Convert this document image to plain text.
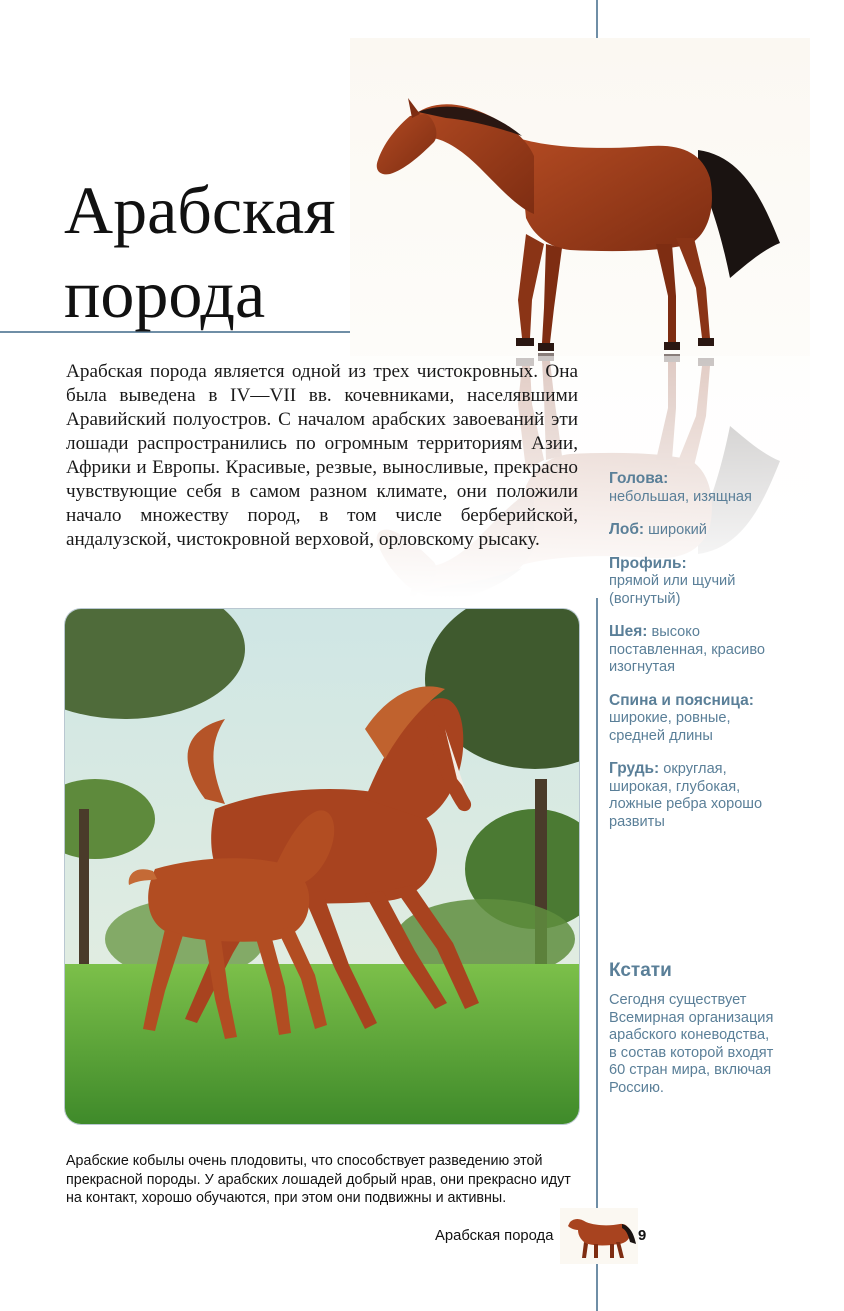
Арабская
порода

Арабская порода является одной из трех чистокровных. Она была выведена в IV—VII вв. кочевниками, населявшими Аравийский полуостров. С началом арабских завоеваний эти лошади распространились по огромным территориям Азии, Африки и Европы. Красивые, резвые, выносливые, прекрасно чувствующие себя в самом разном климате, они положили начало множеству пород, в том числе берберийской, андалузской, чистокровной верховой, орловскому рысаку.

Арабские кобылы очень плодовиты, что способствует разведению этой прекрасной породы. У арабских лошадей добрый нрав, они прекрасно идут на контакт, хорошо обучаются, при этом они подвижны и активны.

Голова:
небольшая, изящная
Лоб: широкий
Профиль:
прямой или щучий (вогнутый)
Шея: высоко поставленная, красиво изогнутая
Спина и поясница:
широкие, ровные, средней длины
Грудь: округлая, широкая, глубокая, ложные ребра хорошо развиты
Кстати

Сегодня существует Всемирная организация арабского коневодства, в состав которой входят 60 стран мира, включая Россию.

Арабская порода	9
